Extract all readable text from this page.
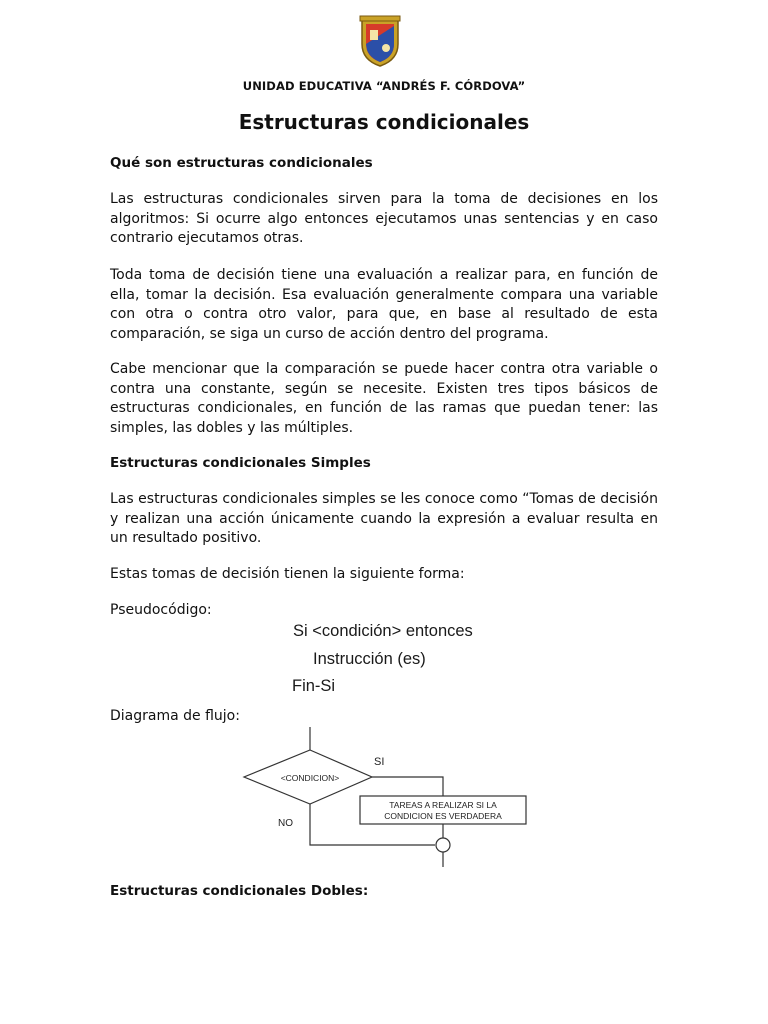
UNIDAD EDUCATIVA “ANDRÉS F. CÓRDOVA”
Estructuras condicionales
Qué son estructuras condicionales
Las estructuras condicionales sirven para la toma de decisiones en los algoritmos: Si ocurre algo entonces ejecutamos unas sentencias y en caso contrario ejecutamos otras.
Toda toma de decisión tiene una evaluación a realizar para, en función de ella, tomar la decisión. Esa evaluación generalmente compara una variable con otra o contra otro valor, para que, en base al resultado de esta comparación, se siga un curso de acción dentro del programa.
Cabe mencionar que la comparación se puede hacer contra otra variable o contra una constante, según se necesite. Existen tres tipos básicos de estructuras condicionales, en función de las ramas que puedan tener: las simples, las dobles y las múltiples.
Estructuras condicionales Simples
Las estructuras condicionales simples se les conoce como “Tomas de decisión y realizan una acción únicamente cuando la expresión a evaluar resulta en un resultado positivo.
Estas tomas de decisión tienen la siguiente forma:
Pseudocódigo:
Si <condición> entonces
Instrucción (es)
Fin-Si
Diagrama de flujo:
<CONDICION>
SI
TAREAS A REALIZAR SI LA
CONDICION ES VERDADERA
NO
Estructuras condicionales Dobles:
